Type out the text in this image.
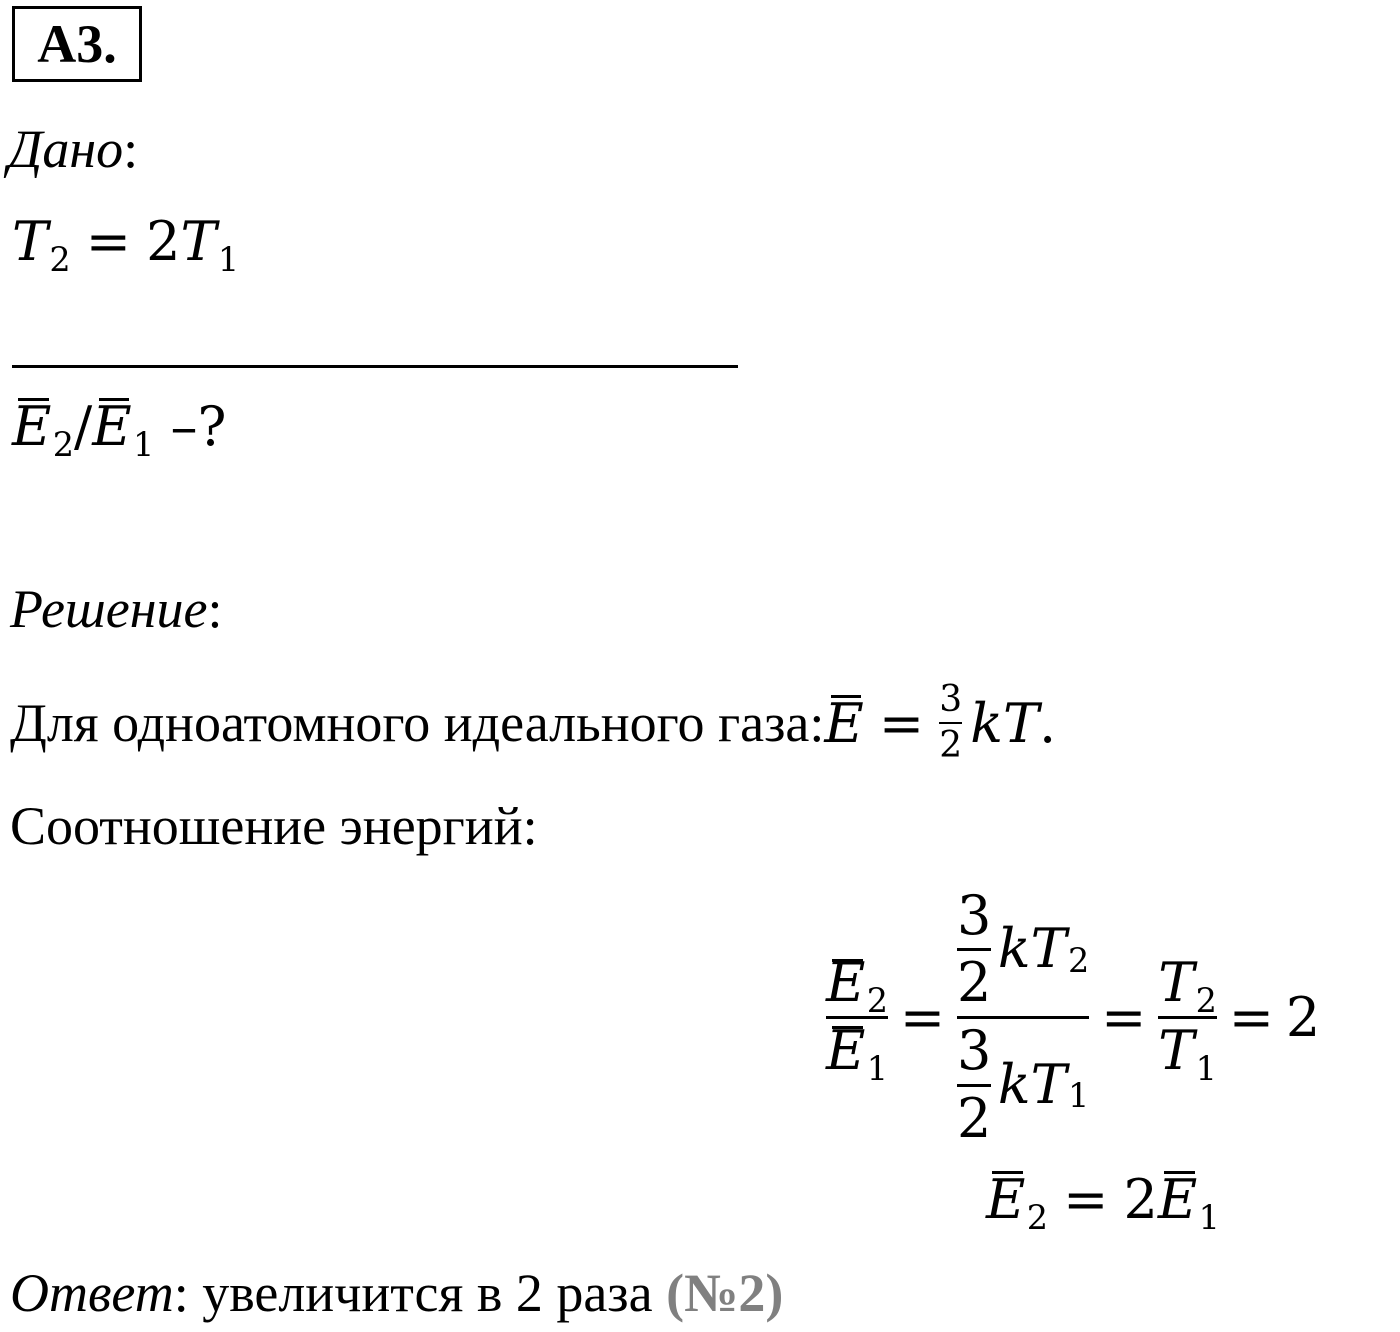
A3.
Дано:
T2 = 2T1
E2/E1 –?
Решение:
Для одноатомного идеального газа: $E = \frac{3}{2}$ kT .
Соотношение энергий:
$\frac{E2}{E1} = \frac{\frac{3}{2} kT 2}{\frac{3}{2} kT 1} = \frac{T2}{T1} = 2$
E2 = 2E1
Ответ: увеличится в 2 раза (№2)
